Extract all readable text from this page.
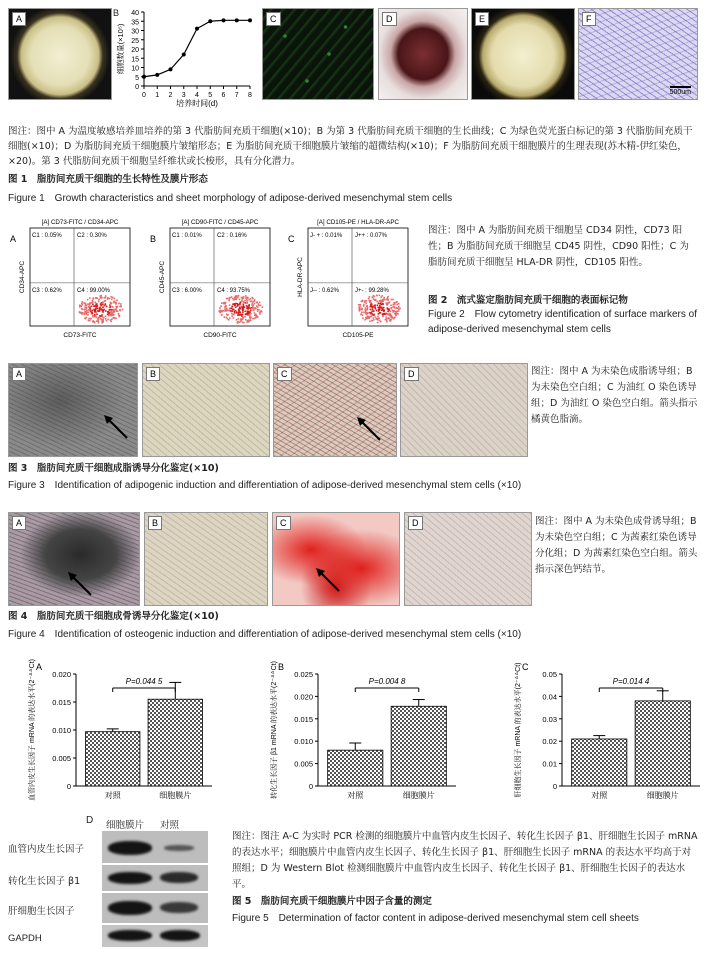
A
0
5
10
15
20
25
30
35
40
0 1 2 3 4 5 6 7 8
培养时间(d)
细胞数量(×10⁵)
B
C	D	E	F
500um
图注：图中 A 为温度敏感培养皿培养的第 3 代脂肪间充质干细胞(×10)；B 为第 3 代脂肪间充质干细胞的生长曲线；C 为绿色荧光蛋白标记的第 3 代脂肪间充质干细胞(×10)；D 为脂肪间充质干细胞膜片皱缩形态；E 为脂肪间充质干细胞膜片皱缩的超微结构(×10)；F 为脂肪间充质干细胞膜片的生理表现(苏木精-伊红染色，×20)。第 3 代脂肪间充质干细胞呈纤维状或长梭形，具有分化潜力。
图 1　脂肪间充质干细胞的生长特性及膜片形态
Figure 1　Growth characteristics and sheet morphology of adipose-derived mesenchymal stem cells
A
[A] CD73-FITC / CD34-APC
C1 : 0.05%	C2 : 0.30%
C3 : 0.62%	C4 : 99.00%
CD73-FITC
CD34-APC
B
[A] CD90-FITC / CD45-APC
C1 : 0.01%	C2 : 0.16%
C3 : 6.00%	C4 : 93.75%
CD90-FITC
CD45-APC
C
[A] CD105-PE / HLA-DR-APC
J- + : 0.01% J++ : 0.07%
J-- : 0.62%	J+- : 99.28%
CD105-PE
HLA-DR-APC
图注：图中 A 为脂肪间充质干细胞呈 CD34 阴性，CD73 阳性；B 为脂肪间充质干细胞呈 CD45 阴性，CD90 阳性；C 为脂肪间充质干细胞呈 HLA-DR 阴性，CD105 阳性。
图 2　流式鉴定脂肪间充质干细胞的表面标记物
Figure 2　Flow cytometry identification of surface markers of adipose-derived mesenchymal stem cells
A	B	C	D	图注：图中 A 为未染色成脂诱导组；B 为未染色空白组；C 为油红 O 染色诱导组；D 为油红 O 染色空白组。箭头指示橘黄色脂滴。
图 3　脂肪间充质干细胞成脂诱导分化鉴定(×10)
Figure 3　Identification of adipogenic induction and differentiation of adipose-derived mesenchymal stem cells (×10)
A	B	C	D	图注：图中 A 为未染色成骨诱导组；B 为未染色空白组；C 为茜素红染色诱导分化组；D 为茜素红染色空白组。箭头指示深色钙结节。
图 4　脂肪间充质干细胞成骨诱导分化鉴定(×10)
Figure 4　Identification of osteogenic induction and differentiation of adipose-derived mesenchymal stem cells (×10)
A
0
0.005
0.010
0.015
0.020
对照	细胞膜片
P=0.044 5
血管内皮生长因子 mRNA 的表达水平(2⁻ᐞᐞCt)	B
0
0.005
0.010
0.015
0.020
0.025
对照	细胞膜片
P=0.004 8
转化生长因子 β1 mRNA 的表达水平(2⁻ᐞᐞCt)	C
0
0.01
0.02
0.03
0.04
0.05
对照	细胞膜片
P=0.014 4
肝细胞生长因子 mRNA 的表达水平(2⁻ᐞᐞCt)
D 细胞膜片 对照
血管内皮生长因子
转化生长因子 β1
肝细胞生长因子
GAPDH
图注：图注 A-C 为实时 PCR 检测的细胞膜片中血管内皮生长因子、转化生长因子 β1、肝细胞生长因子 mRNA 的表达水平；细胞膜片中血管内皮生长因子、转化生长因子 β1、肝细胞生长因子 mRNA 的表达水平均高于对照组；D 为 Western Blot 检测细胞膜片中血管内皮生长因子、转化生长因子 β1、肝细胞生长因子的表达水平。
图 5　脂肪间充质干细胞膜片中因子含量的测定
Figure 5　Determination of factor content in adipose-derived mesenchymal stem cell sheets
